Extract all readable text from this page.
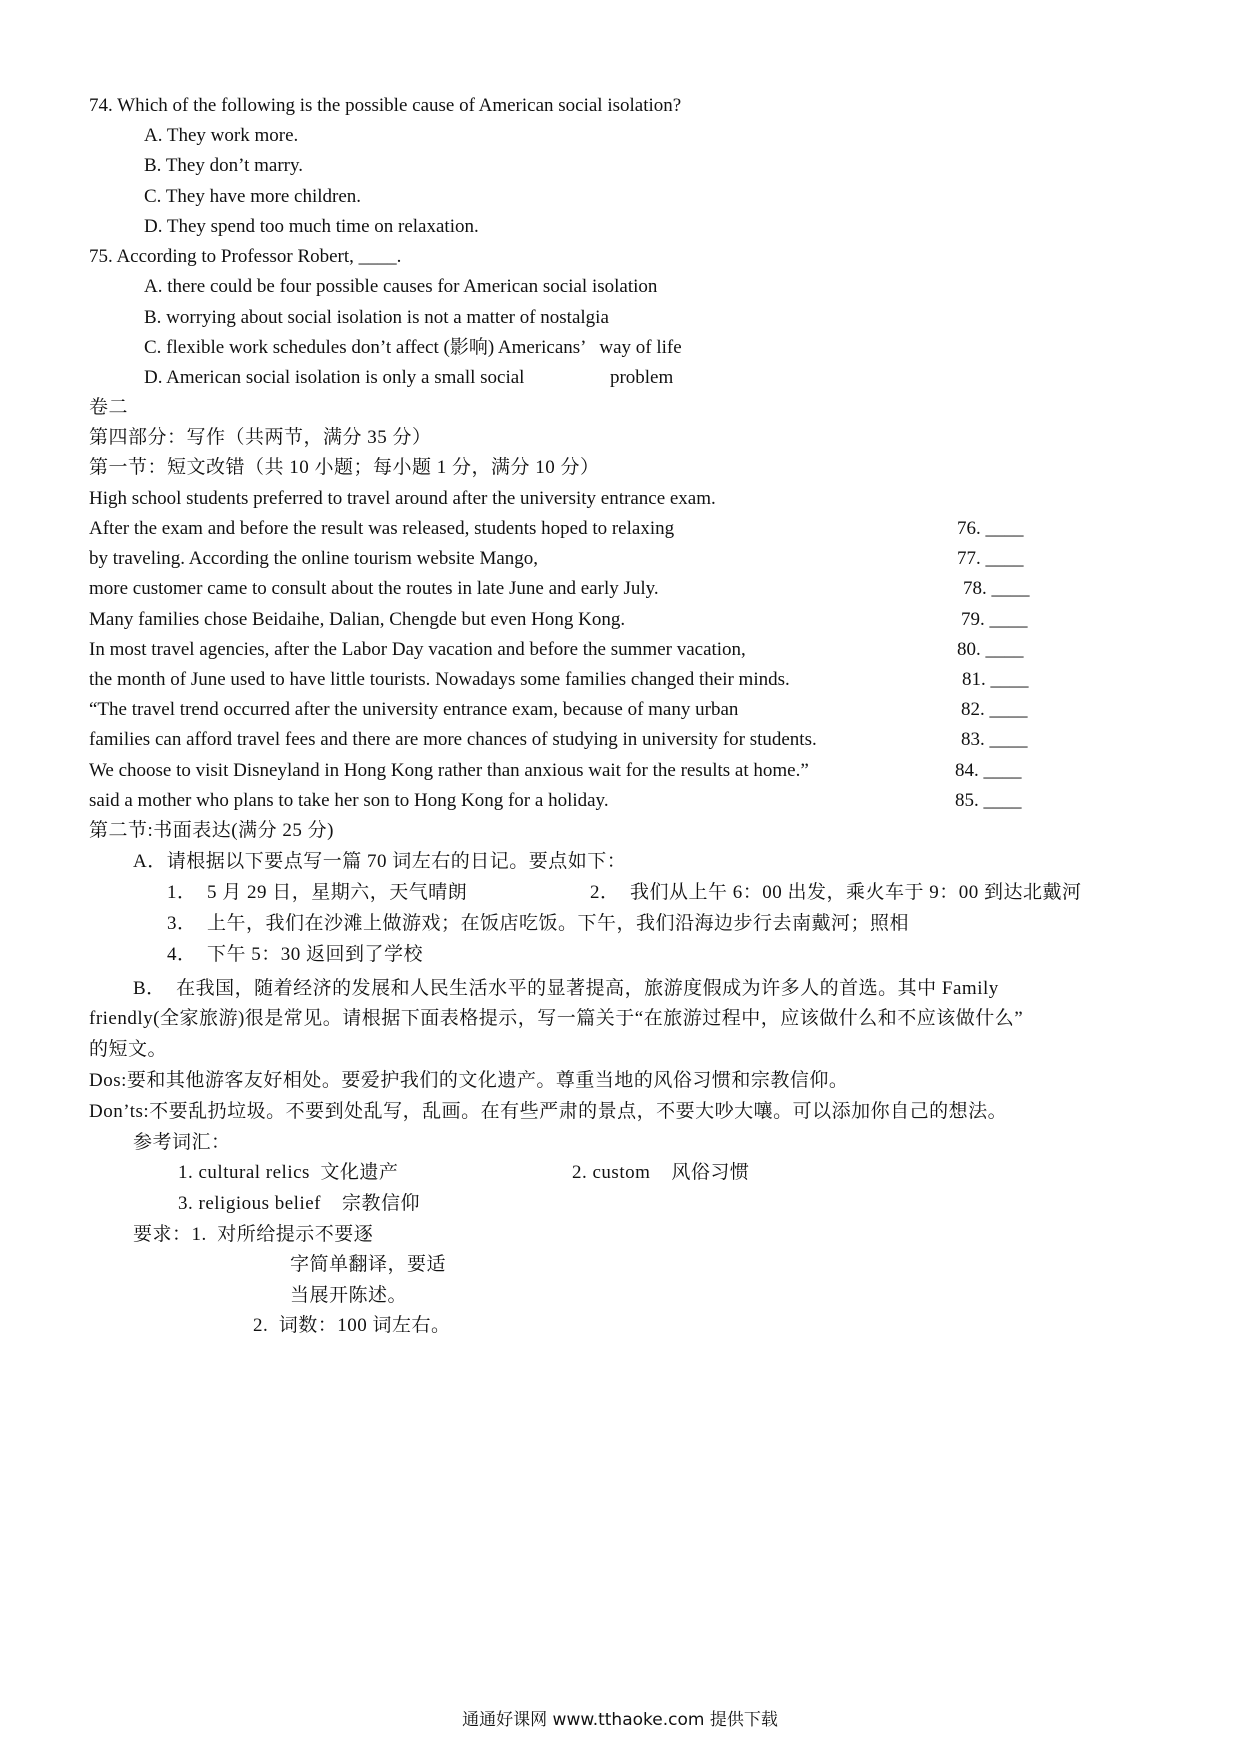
74. Which of the following is the possible cause of American social isolation?
A. They work more.
B. They don’t marry.
C. They have more children.
D. They spend too much time on relaxation.
75. According to Professor Robert, ____.
A. there could be four possible causes for American social isolation
B. worrying about social isolation is not a matter of nostalgia
C. flexible work schedules don’t affect (影响) Americans’   way of life
D. American social isolation is only a small social                  problem
卷二
第四部分：写作（共两节，满分 35 分）
第一节：短文改错（共 10 小题；每小题 1 分，满分 10 分）
High school students preferred to travel around after the university entrance exam.
After the exam and before the result was released, students hoped to relaxing	76. ____
by traveling. According the online tourism website Mango,	77. ____
more customer came to consult about the routes in late June and early July.	78. ____
Many families chose Beidaihe, Dalian, Chengde but even Hong Kong.	79. ____
In most travel agencies, after the Labor Day vacation and before the summer vacation,	80. ____
the month of June used to have little tourists. Nowadays some families changed their minds.	81. ____
“The travel trend occurred after the university entrance exam, because of many urban	82. ____
families can afford travel fees and there are more chances of studying in university for students.	83. ____
We choose to visit Disneyland in Hong Kong rather than anxious wait for the results at home.”	84. ____
said a mother who plans to take her son to Hong Kong for a holiday.	85. ____
第二节:书面表达(满分 25 分)
A．请根据以下要点写一篇 70 词左右的日记。要点如下：
1．  5 月 29 日，星期六，天气晴朗	2．  我们从上午 6：00 出发，乘火车于 9：00 到达北戴河
3．  上午，我们在沙滩上做游戏；在饭店吃饭。下午，我们沿海边步行去南戴河；照相
4．  下午 5：30 返回到了学校
B．  在我国，随着经济的发展和人民生活水平的显著提高，旅游度假成为许多人的首选。其中 Family
friendly(全家旅游)很是常见。请根据下面表格提示，写一篇关于“在旅游过程中，应该做什么和不应该做什么”
的短文。
Dos:要和其他游客友好相处。要爱护我们的文化遗产。尊重当地的风俗习惯和宗教信仰。
Don’ts:不要乱扔垃圾。不要到处乱写，乱画。在有些严肃的景点，不要大吵大嚷。可以添加你自己的想法。
参考词汇：
1. cultural relics  文化遗产	2. custom    风俗习惯
3. religious belief    宗教信仰
要求：1.  对所给提示不要逐
字简单翻译，要适
当展开陈述。
2.  词数：100 词左右。
通通好课网 www.tthaoke.com 提供下载
